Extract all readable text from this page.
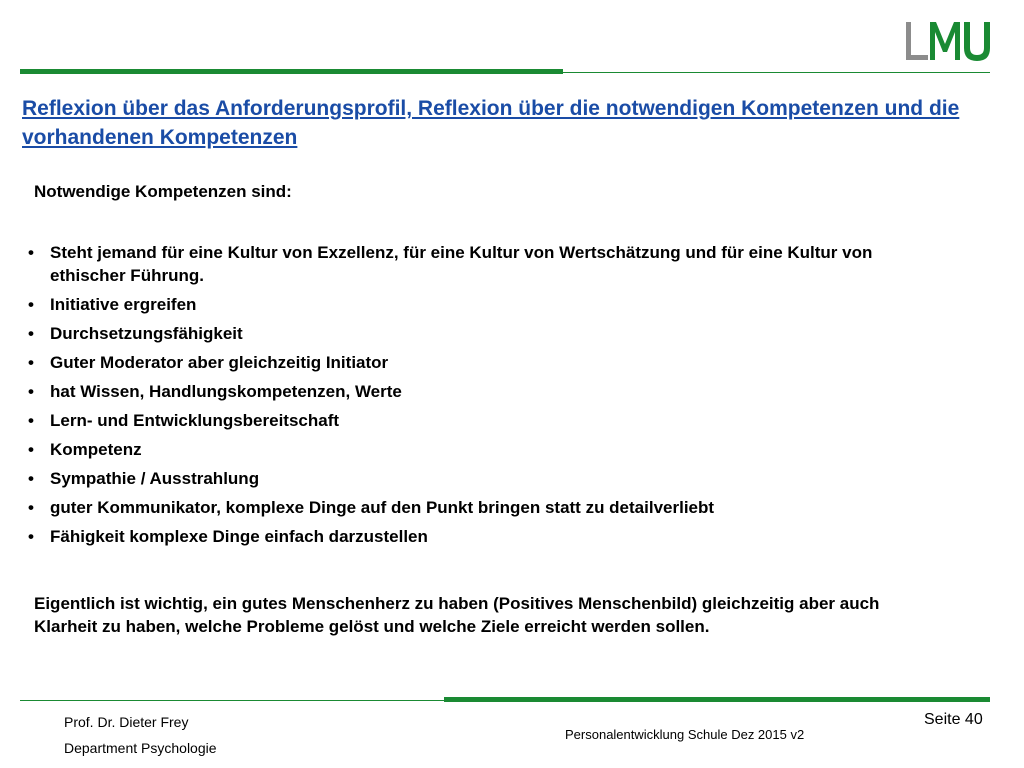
Reflexion über das Anforderungsprofil, Reflexion über die notwendigen Kompetenzen und die vorhandenen Kompetenzen

Notwendige Kompetenzen sind:

• Steht jemand für eine Kultur von Exzellenz, für eine Kultur von Wertschätzung und für eine Kultur von ethischer Führung.
• Initiative ergreifen
• Durchsetzungsfähigkeit
• Guter Moderator aber gleichzeitig Initiator
• hat Wissen, Handlungskompetenzen, Werte
• Lern- und Entwicklungsbereitschaft
• Kompetenz
• Sympathie / Ausstrahlung
• guter Kommunikator, komplexe Dinge auf den Punkt bringen statt zu detailverliebt
• Fähigkeit komplexe Dinge einfach darzustellen

Eigentlich ist wichtig, ein gutes Menschenherz zu haben (Positives Menschenbild) gleichzeitig aber auch Klarheit zu haben, welche Probleme gelöst und welche Ziele erreicht werden sollen.

Prof. Dr. Dieter Frey
Department Psychologie
Personalentwicklung Schule Dez 2015 v2
Seite 40
